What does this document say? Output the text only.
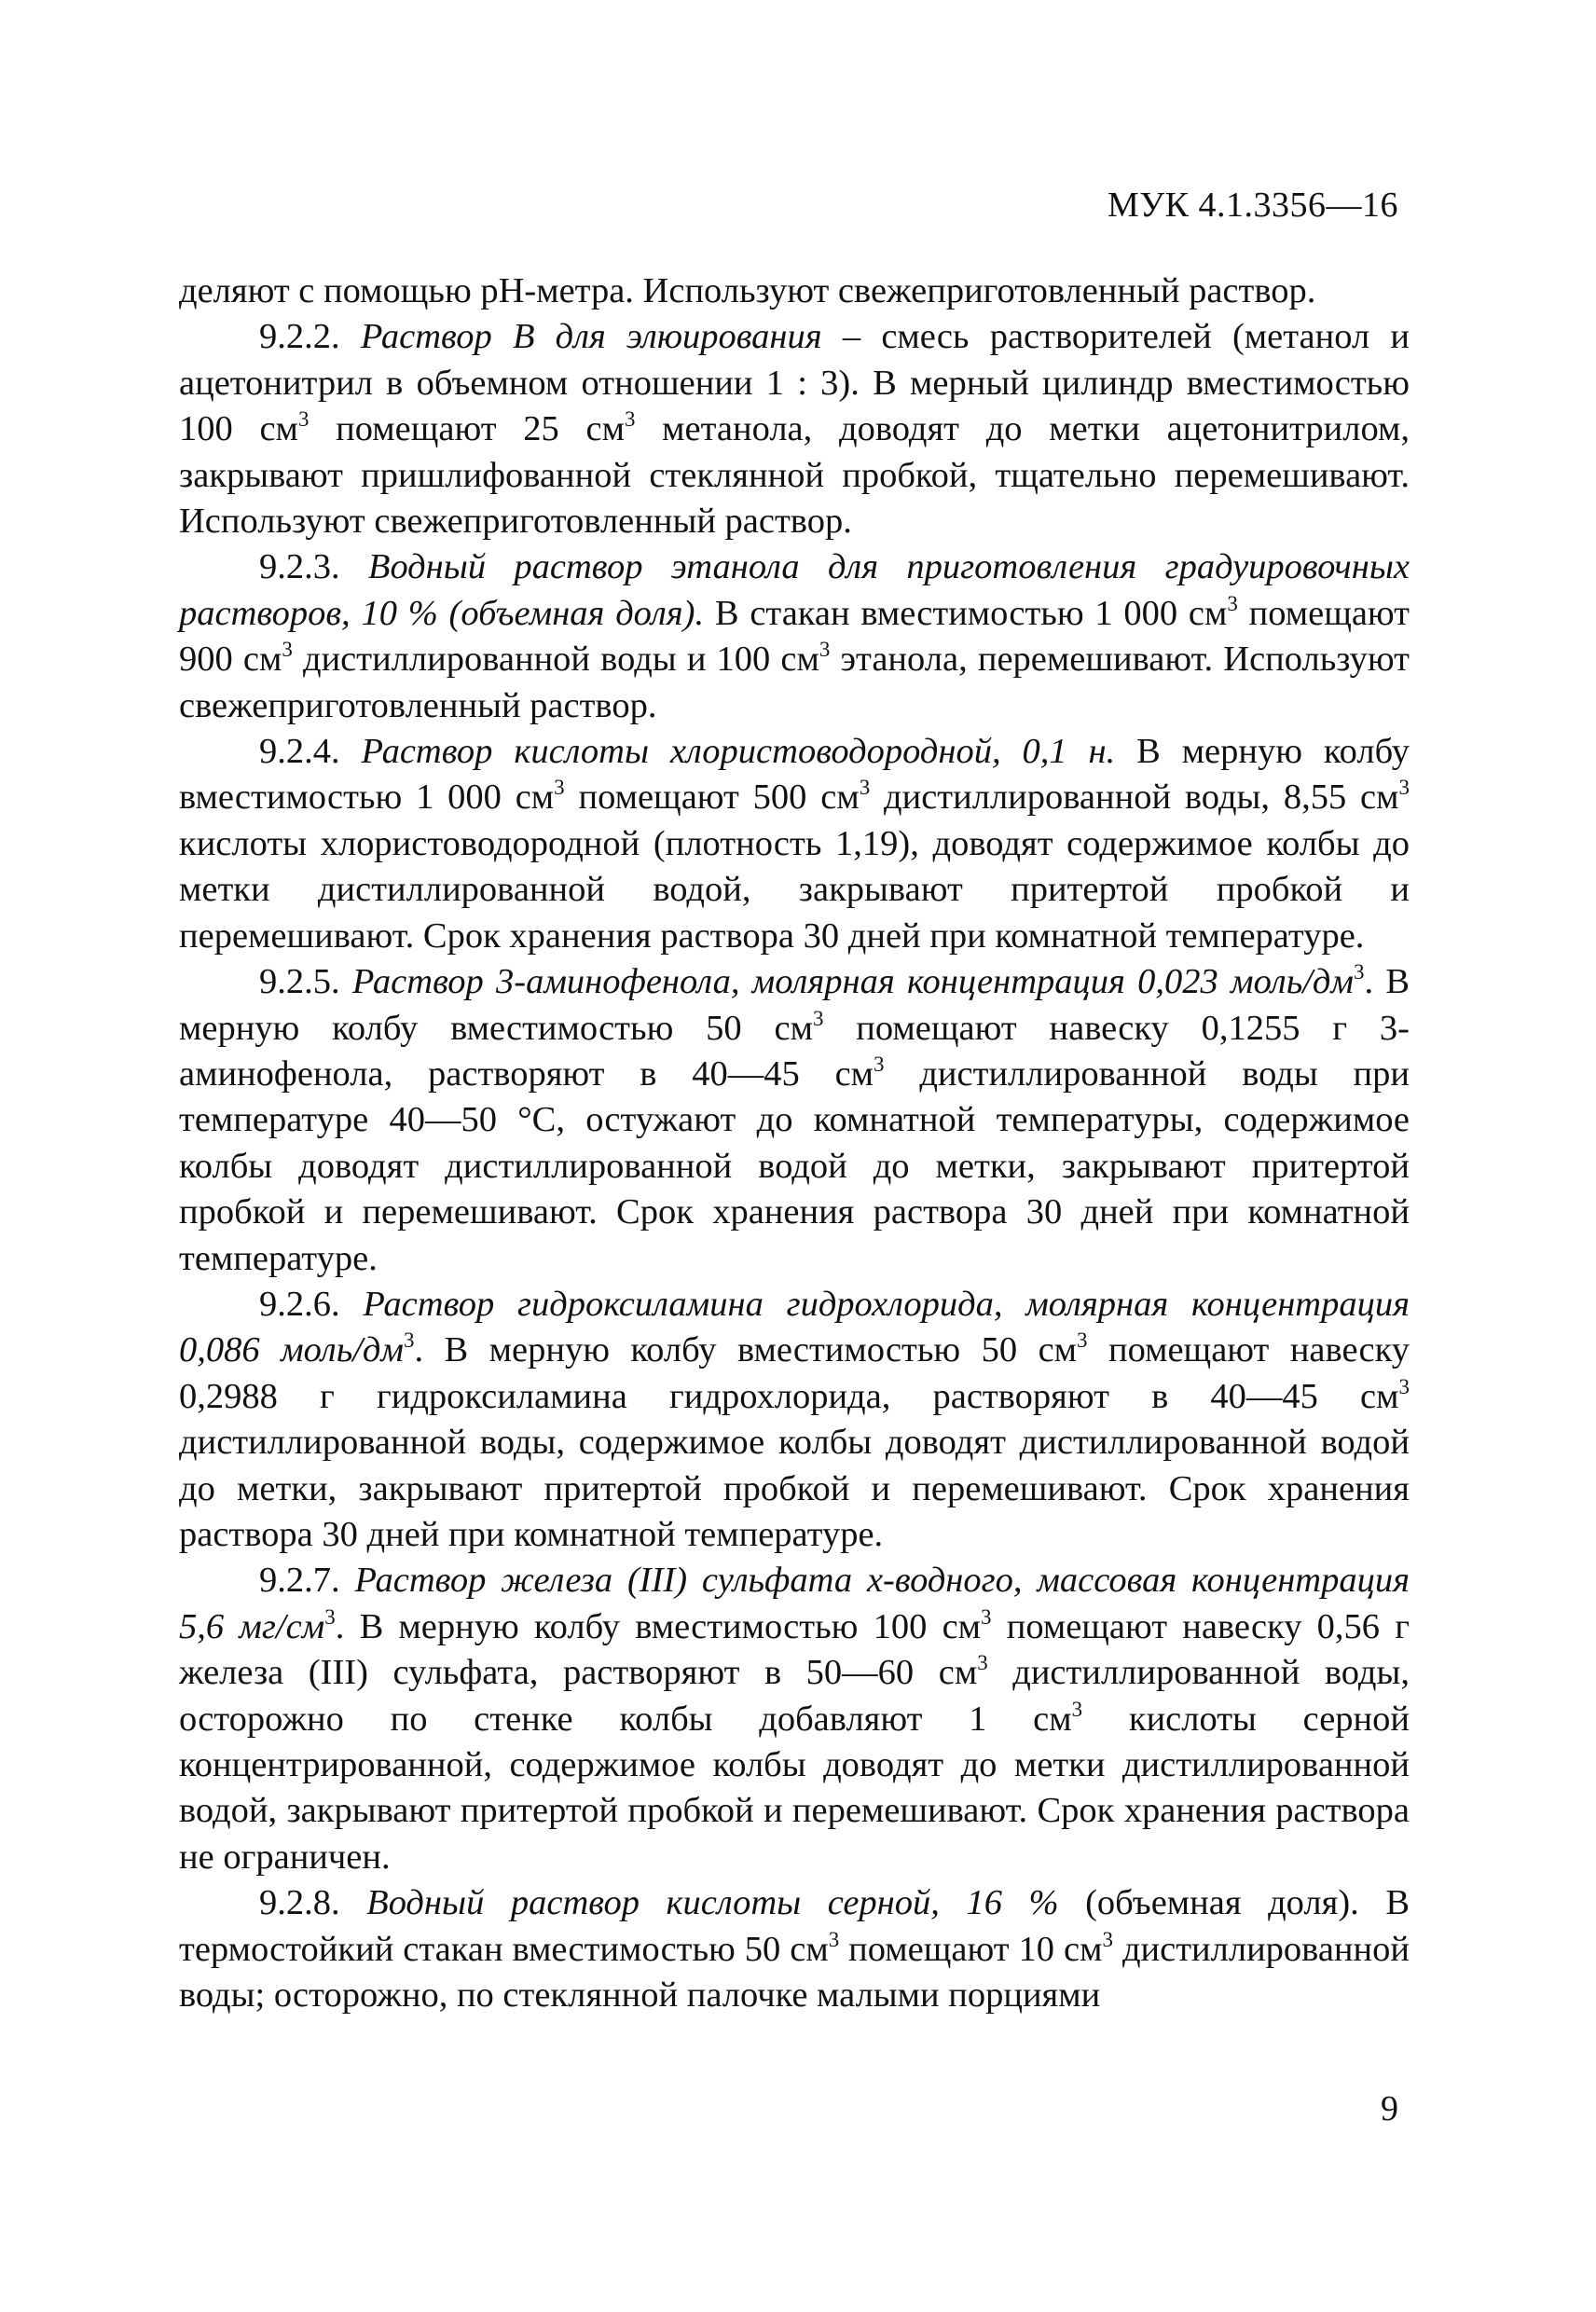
МУК 4.1.3356—16

деляют с помощью рН-метра. Используют свежеприготовленный раствор.

9.2.2. Раствор В для элюирования – смесь растворителей (метанол и ацетонитрил в объемном отношении 1 : 3). В мерный цилиндр вместимостью 100 $см^3$ помещают 25 $см^3$ метанола, доводят до метки ацетонитрилом, закрывают пришлифованной стеклянной пробкой, тщательно перемешивают. Используют свежеприготовленный раствор.

9.2.3. Водный раствор этанола для приготовления градуировочных растворов, 10 % (объемная доля). В стакан вместимостью 1 000 $см^3$ помещают 900 $см^3$ дистиллированной воды и 100 $см^3$ этанола, перемешивают. Используют свежеприготовленный раствор.

9.2.4. Раствор кислоты хлористоводородной, 0,1 н. В мерную колбу вместимостью 1 000 $см^3$ помещают 500 $см^3$ дистиллированной воды, 8,55 $см^3$ кислоты хлористоводородной (плотность 1,19), доводят содержимое колбы до метки дистиллированной водой, закрывают притертой пробкой и перемешивают. Срок хранения раствора 30 дней при комнатной температуре.

9.2.5. Раствор 3-аминофенола, молярная концентрация 0,023 моль/$дм^3$. В мерную колбу вместимостью 50 $см^3$ помещают навеску 0,1255 г 3-аминофенола, растворяют в 40—45 $см^3$ дистиллированной воды при температуре 40—50 °С, остужают до комнатной температуры, содержимое колбы доводят дистиллированной водой до метки, закрывают притертой пробкой и перемешивают. Срок хранения раствора 30 дней при комнатной температуре.

9.2.6. Раствор гидроксиламина гидрохлорида, молярная концентрация 0,086 моль/$дм^3$. В мерную колбу вместимостью 50 $см^3$ помещают навеску 0,2988 г гидроксиламина гидрохлорида, растворяют в 40—45 $см^3$ дистиллированной воды, содержимое колбы доводят дистиллированной водой до метки, закрывают притертой пробкой и перемешивают. Срок хранения раствора 30 дней при комнатной температуре.

9.2.7. Раствор железа (III) сульфата х-водного, массовая концентрация 5,6 $мг/см^3$. В мерную колбу вместимостью 100 $см^3$ помещают навеску 0,56 г железа (III) сульфата, растворяют в 50—60 $см^3$ дистиллированной воды, осторожно по стенке колбы добавляют 1 $см^3$ кислоты серной концентрированной, содержимое колбы доводят до метки дистиллированной водой, закрывают притертой пробкой и перемешивают. Срок хранения раствора не ограничен.

9.2.8. Водный раствор кислоты серной, 16 % (объемная доля). В термостойкий стакан вместимостью 50 $см^3$ помещают 10 $см^3$ дистиллированной воды; осторожно, по стеклянной палочке малыми порциями

9
